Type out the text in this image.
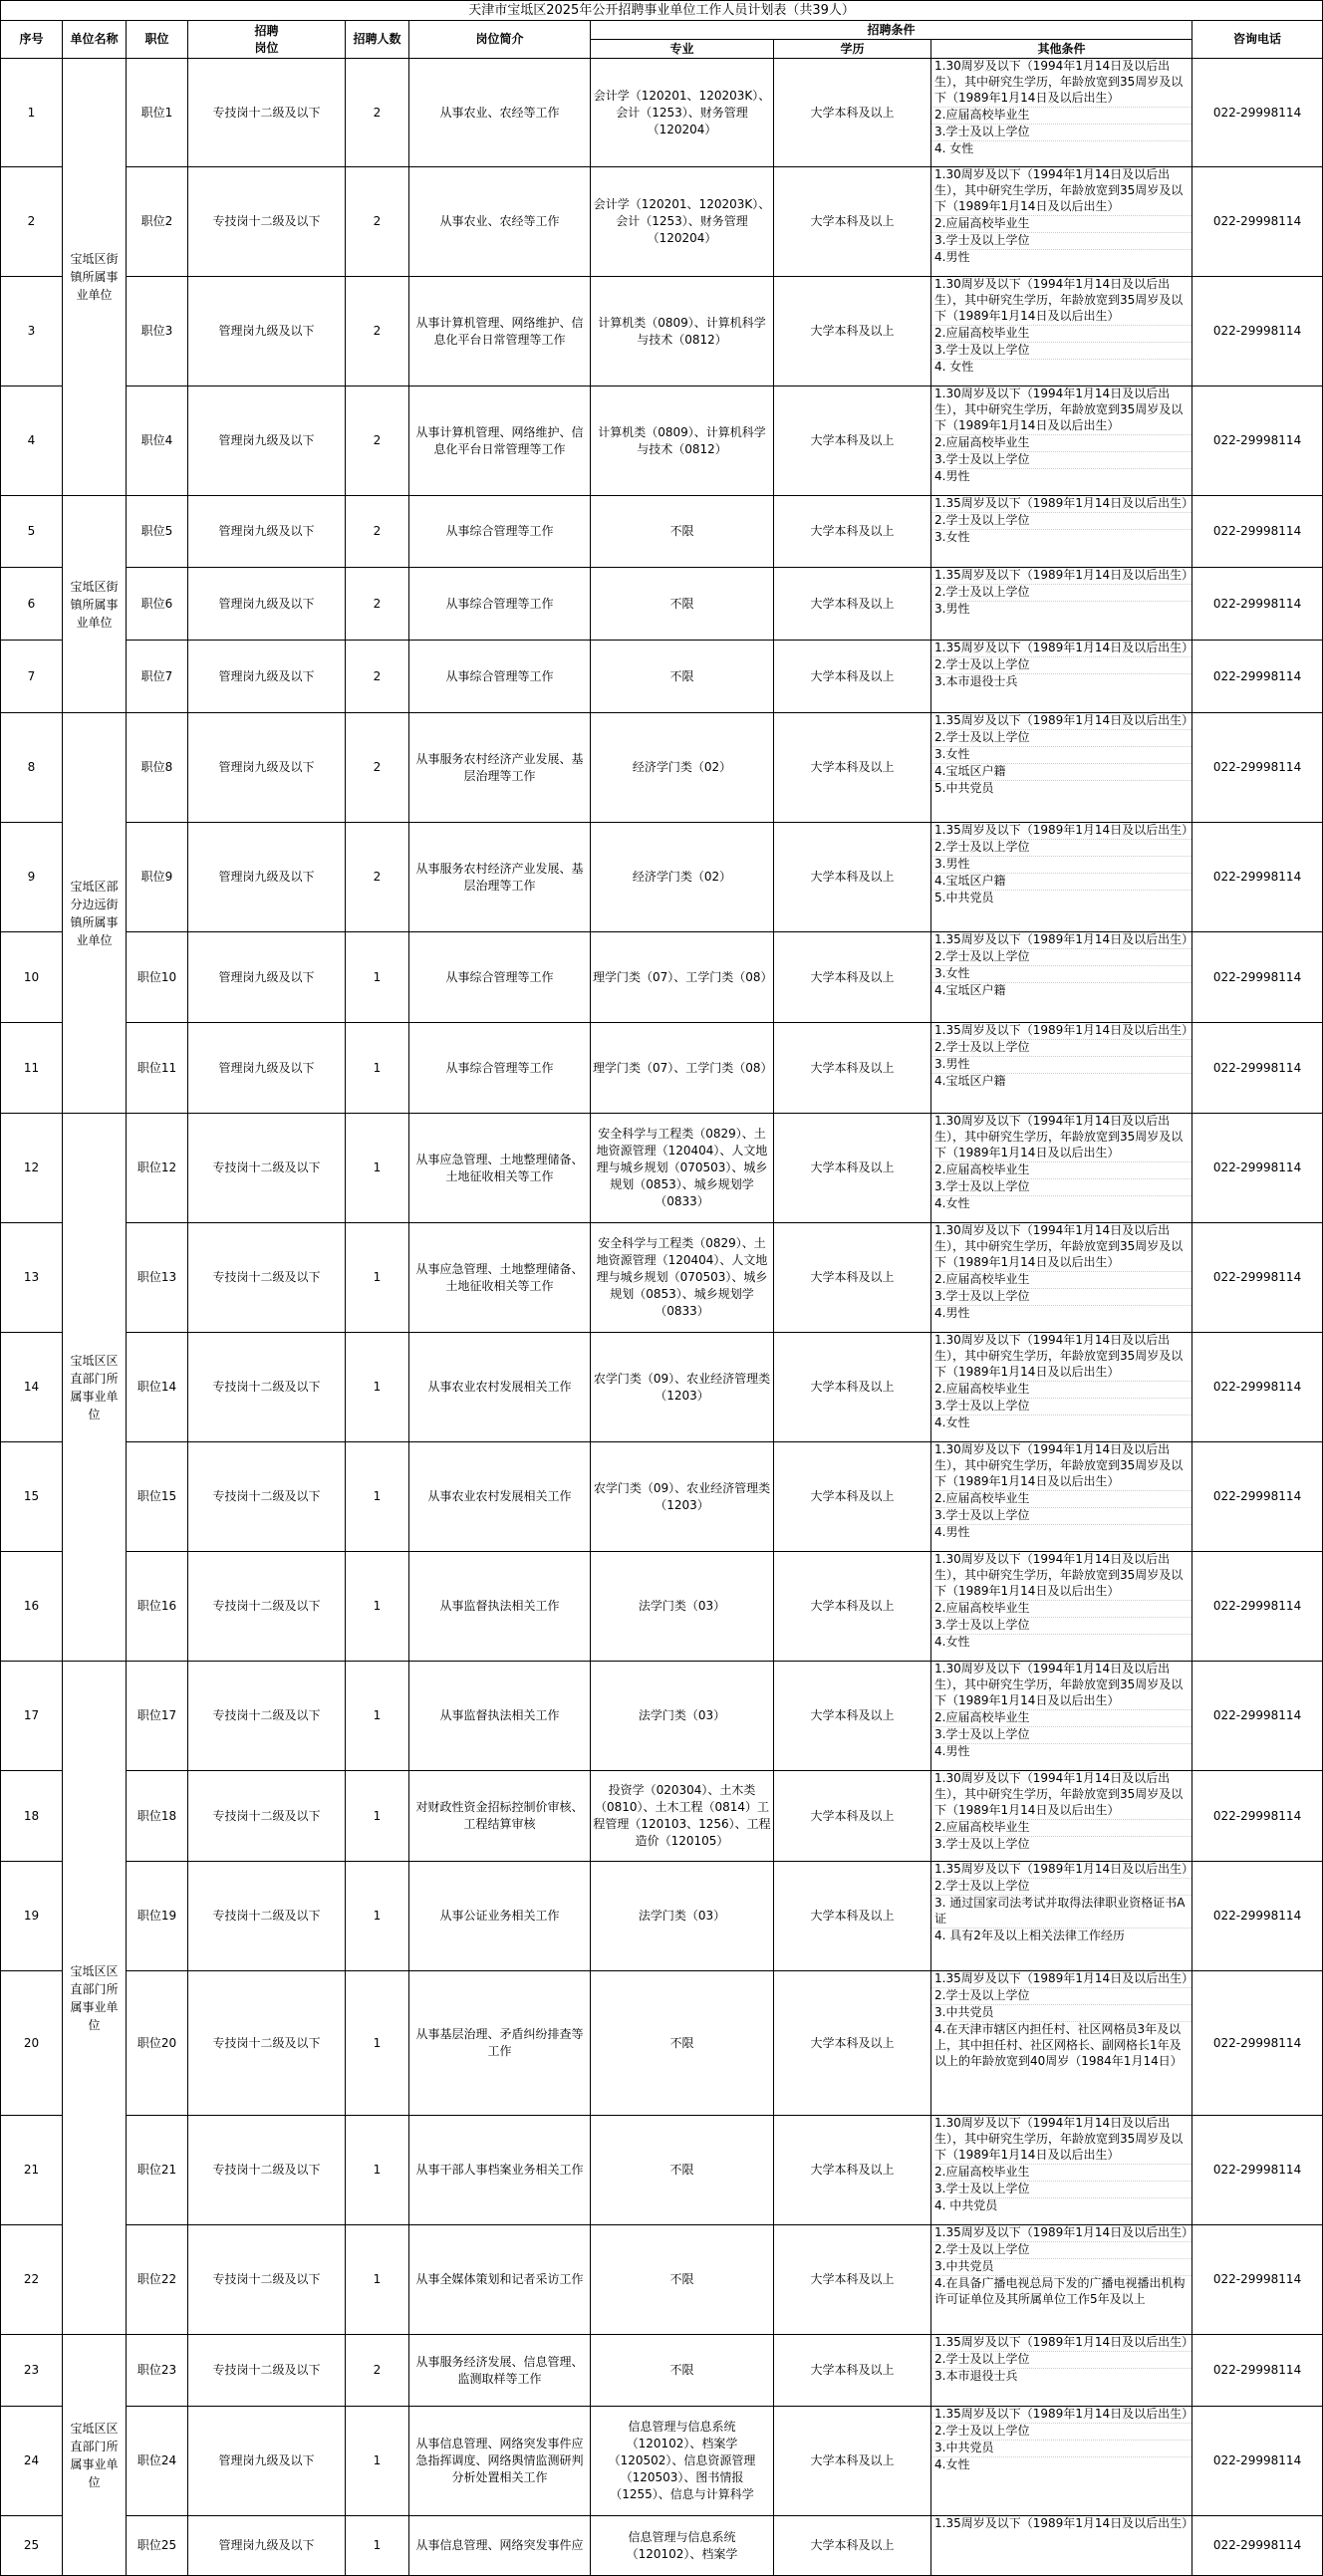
天津市宝坻区2025年公开招聘事业单位工作人员计划表（共39人）									
序号	单位名称	职位	招聘
岗位	招聘人数	岗位简介	招聘条件			咨询电话
						专业	学历	其他条件	
1	宝坻区街镇所属事业单位	职位1	专技岗十二级及以下	2	从事农业、农经等工作	会计学（120201、120203K）、会计（1253）、财务管理（120204）	大学本科及以上	1.30周岁及以下（1994年1月14日及以后出生），其中研究生学历，年龄放宽到35周岁及以下（1989年1月14日及以后出生）
2.应届高校毕业生
3.学士及以上学位
4. 女性	022-29998114
2		职位2	专技岗十二级及以下	2	从事农业、农经等工作	会计学（120201、120203K）、会计（1253）、财务管理（120204）	大学本科及以上	1.30周岁及以下（1994年1月14日及以后出生），其中研究生学历，年龄放宽到35周岁及以下（1989年1月14日及以后出生）
2.应届高校毕业生
3.学士及以上学位
4.男性	022-29998114
3		职位3	管理岗九级及以下	2	从事计算机管理、网络维护、信息化平台日常管理等工作	计算机类（0809）、计算机科学与技术（0812）	大学本科及以上	1.30周岁及以下（1994年1月14日及以后出生），其中研究生学历，年龄放宽到35周岁及以下（1989年1月14日及以后出生）
2.应届高校毕业生
3.学士及以上学位
4. 女性	022-29998114
4		职位4	管理岗九级及以下	2	从事计算机管理、网络维护、信息化平台日常管理等工作	计算机类（0809）、计算机科学与技术（0812）	大学本科及以上	1.30周岁及以下（1994年1月14日及以后出生），其中研究生学历，年龄放宽到35周岁及以下（1989年1月14日及以后出生）
2.应届高校毕业生
3.学士及以上学位
4.男性	022-29998114
5	宝坻区街镇所属事业单位	职位5	管理岗九级及以下	2	从事综合管理等工作	不限	大学本科及以上	1.35周岁及以下（1989年1月14日及以后出生）
2.学士及以上学位
3.女性	022-29998114
6		职位6	管理岗九级及以下	2	从事综合管理等工作	不限	大学本科及以上	1.35周岁及以下（1989年1月14日及以后出生）
2.学士及以上学位
3.男性	022-29998114
7		职位7	管理岗九级及以下	2	从事综合管理等工作	不限	大学本科及以上	1.35周岁及以下（1989年1月14日及以后出生）
2.学士及以上学位
3.本市退役士兵	022-29998114
8	宝坻区部分边远街镇所属事业单位	职位8	管理岗九级及以下	2	从事服务农村经济产业发展、基层治理等工作	经济学门类（02）	大学本科及以上	1.35周岁及以下（1989年1月14日及以后出生）
2.学士及以上学位
3.女性
4.宝坻区户籍
5.中共党员	022-29998114
9		职位9	管理岗九级及以下	2	从事服务农村经济产业发展、基层治理等工作	经济学门类（02）	大学本科及以上	1.35周岁及以下（1989年1月14日及以后出生）
2.学士及以上学位
3.男性
4.宝坻区户籍
5.中共党员	022-29998114
10		职位10	管理岗九级及以下	1	从事综合管理等工作	理学门类（07）、工学门类（08）	大学本科及以上	1.35周岁及以下（1989年1月14日及以后出生）
2.学士及以上学位
3.女性
4.宝坻区户籍	022-29998114
11		职位11	管理岗九级及以下	1	从事综合管理等工作	理学门类（07）、工学门类（08）	大学本科及以上	1.35周岁及以下（1989年1月14日及以后出生）
2.学士及以上学位
3.男性
4.宝坻区户籍	022-29998114
12	宝坻区区直部门所属事业单位	职位12	专技岗十二级及以下	1	从事应急管理、土地整理储备、土地征收相关等工作	安全科学与工程类（0829）、土地资源管理（120404）、人文地理与城乡规划（070503）、城乡规划（0853）、城乡规划学（0833）	大学本科及以上	1.30周岁及以下（1994年1月14日及以后出生），其中研究生学历，年龄放宽到35周岁及以下（1989年1月14日及以后出生）
2.应届高校毕业生
3.学士及以上学位
4.女性	022-29998114
13		职位13	专技岗十二级及以下	1	从事应急管理、土地整理储备、土地征收相关等工作	安全科学与工程类（0829）、土地资源管理（120404）、人文地理与城乡规划（070503）、城乡规划（0853）、城乡规划学（0833）	大学本科及以上	1.30周岁及以下（1994年1月14日及以后出生），其中研究生学历，年龄放宽到35周岁及以下（1989年1月14日及以后出生）
2.应届高校毕业生
3.学士及以上学位
4.男性	022-29998114
14		职位14	专技岗十二级及以下	1	从事农业农村发展相关工作	农学门类（09）、农业经济管理类（1203）	大学本科及以上	1.30周岁及以下（1994年1月14日及以后出生），其中研究生学历，年龄放宽到35周岁及以下（1989年1月14日及以后出生）
2.应届高校毕业生
3.学士及以上学位
4.女性	022-29998114
15		职位15	专技岗十二级及以下	1	从事农业农村发展相关工作	农学门类（09）、农业经济管理类（1203）	大学本科及以上	1.30周岁及以下（1994年1月14日及以后出生），其中研究生学历，年龄放宽到35周岁及以下（1989年1月14日及以后出生）
2.应届高校毕业生
3.学士及以上学位
4.男性	022-29998114
16		职位16	专技岗十二级及以下	1	从事监督执法相关工作	法学门类（03）	大学本科及以上	1.30周岁及以下（1994年1月14日及以后出生），其中研究生学历，年龄放宽到35周岁及以下（1989年1月14日及以后出生）
2.应届高校毕业生
3.学士及以上学位
4.女性	022-29998114
17	宝坻区区直部门所属事业单位	职位17	专技岗十二级及以下	1	从事监督执法相关工作	法学门类（03）	大学本科及以上	1.30周岁及以下（1994年1月14日及以后出生），其中研究生学历，年龄放宽到35周岁及以下（1989年1月14日及以后出生）
2.应届高校毕业生
3.学士及以上学位
4.男性	022-29998114
18		职位18	专技岗十二级及以下	1	对财政性资金招标控制价审核、工程结算审核	投资学（020304）、土木类（0810）、土木工程（0814）工程管理（120103、1256）、工程造价（120105）	大学本科及以上	1.30周岁及以下（1994年1月14日及以后出生），其中研究生学历，年龄放宽到35周岁及以下（1989年1月14日及以后出生）
2.应届高校毕业生
3.学士及以上学位	022-29998114
19		职位19	专技岗十二级及以下	1	从事公证业务相关工作	法学门类（03）	大学本科及以上	1.35周岁及以下（1989年1月14日及以后出生）
2.学士及以上学位
3. 通过国家司法考试并取得法律职业资格证书A证
4. 具有2年及以上相关法律工作经历	022-29998114
20		职位20	专技岗十二级及以下	1	从事基层治理、矛盾纠纷排查等工作	不限	大学本科及以上	1.35周岁及以下（1989年1月14日及以后出生）
2.学士及以上学位
3.中共党员
4.在天津市辖区内担任村、社区网格员3年及以上，其中担任村、社区网格长、副网格长1年及以上的年龄放宽到40周岁（1984年1月14日）	022-29998114
21		职位21	专技岗十二级及以下	1	从事干部人事档案业务相关工作	不限	大学本科及以上	1.30周岁及以下（1994年1月14日及以后出生），其中研究生学历，年龄放宽到35周岁及以下（1989年1月14日及以后出生）
2.应届高校毕业生
3.学士及以上学位
4. 中共党员	022-29998114
22		职位22	专技岗十二级及以下	1	从事全媒体策划和记者采访工作	不限	大学本科及以上	1.35周岁及以下（1989年1月14日及以后出生）
2.学士及以上学位
3.中共党员
4.在具备广播电视总局下发的广播电视播出机构许可证单位及其所属单位工作5年及以上	022-29998114
23	宝坻区区直部门所属事业单位	职位23	专技岗十二级及以下	2	从事服务经济发展、信息管理、监测取样等工作	不限	大学本科及以上	1.35周岁及以下（1989年1月14日及以后出生）
2.学士及以上学位
3.本市退役士兵	022-29998114
24		职位24	管理岗九级及以下	1	从事信息管理、网络突发事件应急指挥调度、网络舆情监测研判分析处置相关工作	信息管理与信息系统（120102）、档案学（120502）、信息资源管理（120503）、图书情报（1255）、信息与计算科学	大学本科及以上	1.35周岁及以下（1989年1月14日及以后出生）
2.学士及以上学位
3.中共党员
4.女性	022-29998114
25		职位25	管理岗九级及以下	1	从事信息管理、网络突发事件应	信息管理与信息系统（120102）、档案学	大学本科及以上	1.35周岁及以下（1989年1月14日及以后出生）	022-29998114
